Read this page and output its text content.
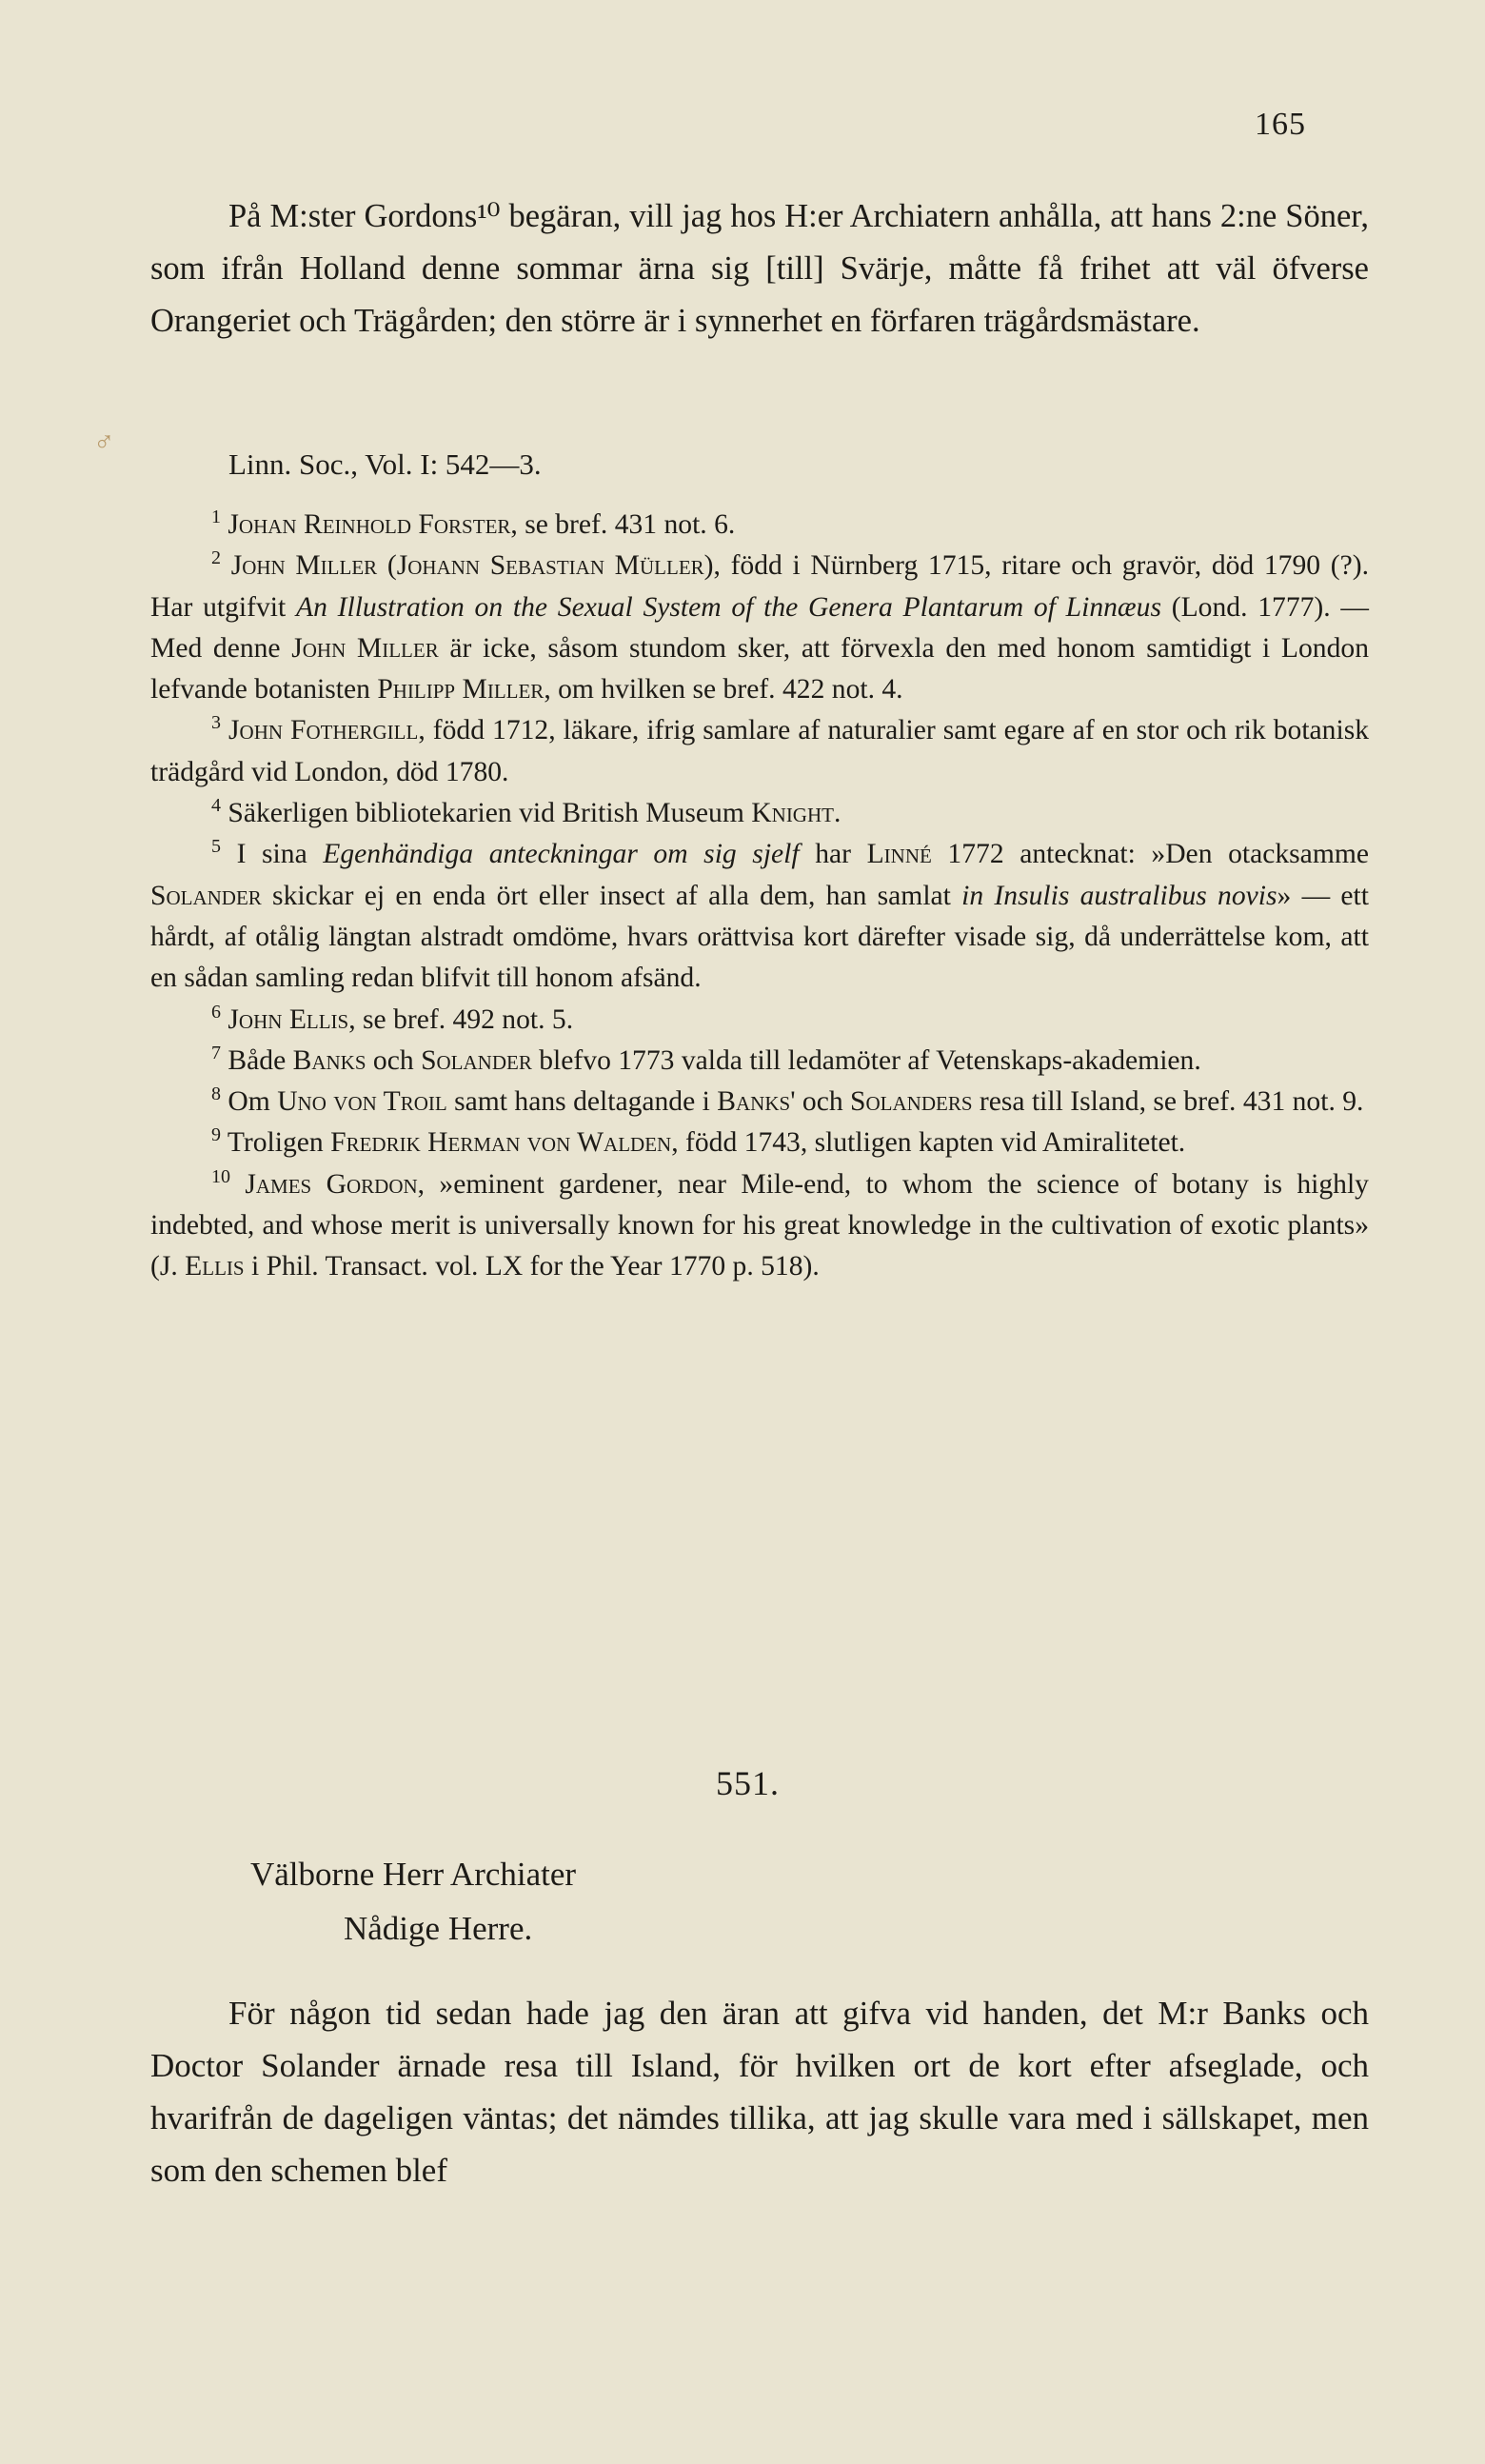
165

På M:ster Gordons¹⁰ begäran, vill jag hos H:er Archiatern anhålla, att hans 2:ne Söner, som ifrån Holland denne sommar ärna sig [till] Svärje, måtte få frihet att väl öfverse Orangeriet och Trägården; den större är i synnerhet en förfaren trägårdsmästare.

♂
Linn. Soc., Vol. I: 542—3.

$^1$ Johan Reinhold Forster, se bref. 431 not. 6.

$^2$ John Miller (Johann Sebastian Müller), född i Nürnberg 1715, ritare och gravör, död 1790 (?). Har utgifvit An Illustration on the Sexual System of the Genera Plantarum of Linnæus (Lond. 1777). — Med denne John Miller är icke, såsom stundom sker, att förvexla den med honom samtidigt i London lefvande botanisten Philipp Miller, om hvilken se bref. 422 not. 4.

$^3$ John Fothergill, född 1712, läkare, ifrig samlare af naturalier samt egare af en stor och rik botanisk trädgård vid London, död 1780.

$^4$ Säkerligen bibliotekarien vid British Museum Knight.

$^5$ I sina Egenhändiga anteckningar om sig sjelf har Linné 1772 antecknat: »Den otacksamme Solander skickar ej en enda ört eller insect af alla dem, han samlat in Insulis australibus novis» — ett hårdt, af otålig längtan alstradt omdöme, hvars orättvisa kort därefter visade sig, då underrättelse kom, att en sådan samling redan blifvit till honom afsänd.

$^6$ John Ellis, se bref. 492 not. 5.

$^7$ Både Banks och Solander blefvo 1773 valda till ledamöter af Vetenskaps-akademien.

$^8$ Om Uno von Troil samt hans deltagande i Banks' och Solanders resa till Island, se bref. 431 not. 9.

$^9$ Troligen Fredrik Herman von Walden, född 1743, slutligen kapten vid Amiralitetet.

$^{10}$ James Gordon, »eminent gardener, near Mile-end, to whom the science of botany is highly indebted, and whose merit is universally known for his great knowledge in the cultivation of exotic plants» (J. Ellis i Phil. Transact. vol. LX for the Year 1770 p. 518).

551.
Välborne Herr Archiater
Nådige Herre.

För någon tid sedan hade jag den äran att gifva vid handen, det M:r Banks och Doctor Solander ärnade resa till Island, för hvilken ort de kort efter afseglade, och hvarifrån de dageligen väntas; det nämdes tillika, att jag skulle vara med i sällskapet, men som den schemen blef
